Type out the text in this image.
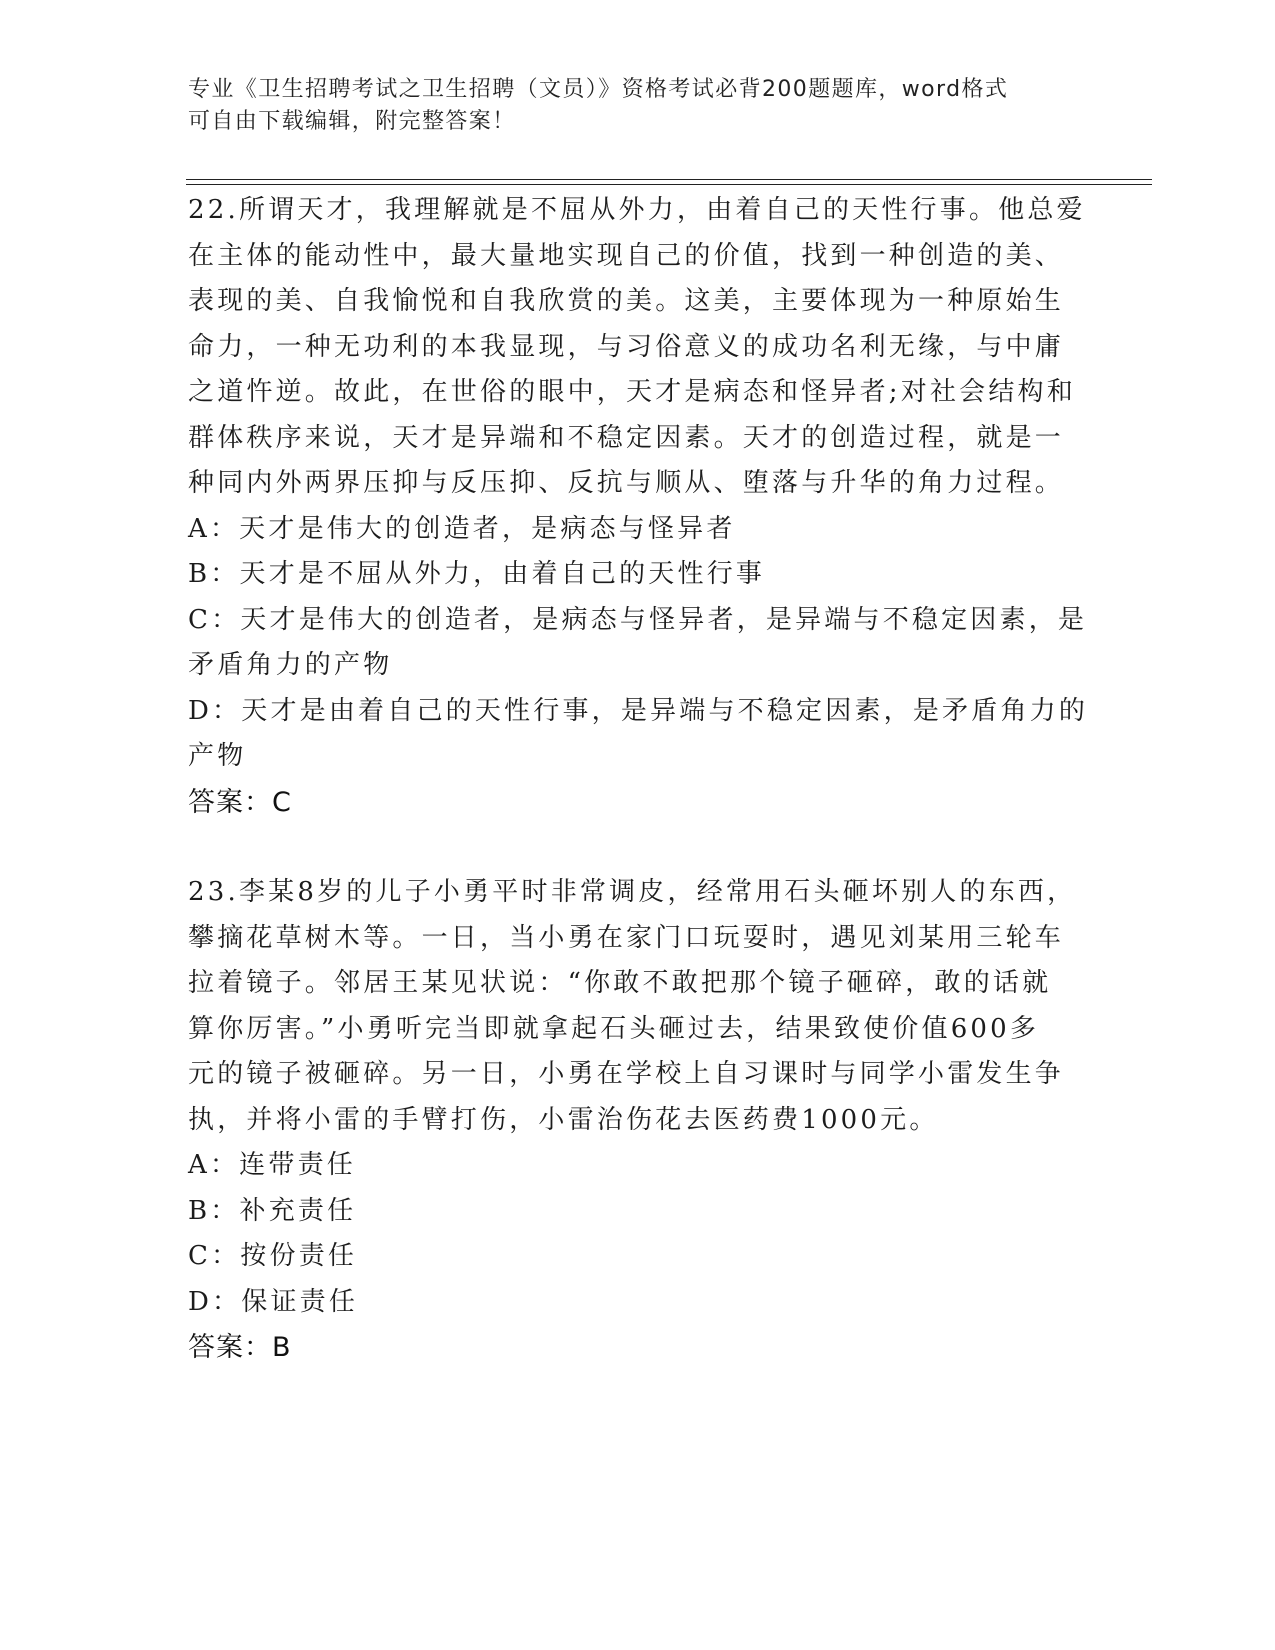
专业《卫生招聘考试之卫生招聘（文员）》资格考试必背200题题库，word格式
可自由下载编辑，附完整答案！
22.所谓天才，我理解就是不屈从外力，由着自己的天性行事。他总爱
在主体的能动性中，最大量地实现自己的价值，找到一种创造的美、
表现的美、自我愉悦和自我欣赏的美。这美，主要体现为一种原始生
命力，一种无功利的本我显现，与习俗意义的成功名利无缘，与中庸
之道忤逆。故此，在世俗的眼中，天才是病态和怪异者;对社会结构和
群体秩序来说，天才是异端和不稳定因素。天才的创造过程，就是一
种同内外两界压抑与反压抑、反抗与顺从、堕落与升华的角力过程。
A：天才是伟大的创造者，是病态与怪异者
B：天才是不屈从外力，由着自己的天性行事
C：天才是伟大的创造者，是病态与怪异者，是异端与不稳定因素，是
矛盾角力的产物
D：天才是由着自己的天性行事，是异端与不稳定因素，是矛盾角力的
产物
答案：C
23.李某8岁的儿子小勇平时非常调皮，经常用石头砸坏别人的东西，
攀摘花草树木等。一日，当小勇在家门口玩耍时，遇见刘某用三轮车
拉着镜子。邻居王某见状说：“你敢不敢把那个镜子砸碎，敢的话就
算你厉害。”小勇听完当即就拿起石头砸过去，结果致使价值600多
元的镜子被砸碎。另一日，小勇在学校上自习课时与同学小雷发生争
执，并将小雷的手臂打伤，小雷治伤花去医药费1000元。
A：连带责任
B：补充责任
C：按份责任
D：保证责任
答案：B
